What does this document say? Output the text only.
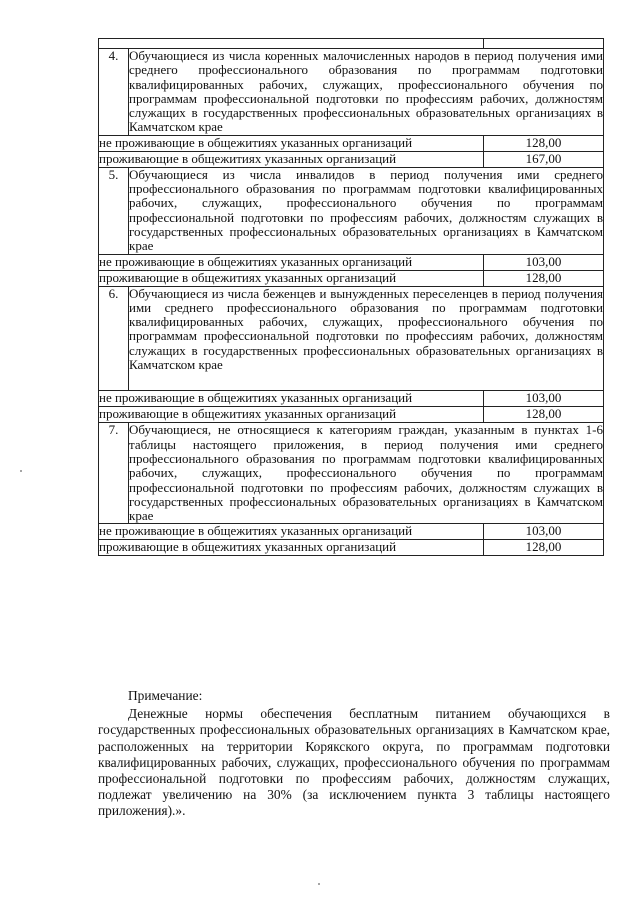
4.	Обучающиеся из числа коренных малочисленных народов в период получения ими среднего профессионального образования по программам подготовки квалифицированных рабочих, служащих, профессионального обучения по программам профессиональной подготовки по профессиям рабочих, должностям служащих в государственных профессиональных образовательных организациях в Камчатском крае	
не проживающие в общежитиях указанных организаций		128,00
проживающие в общежитиях указанных организаций		167,00
5.	Обучающиеся из числа инвалидов в период получения ими среднего профессионального образования по программам подготовки квалифицированных рабочих, служащих, профессионального обучения по программам профессиональной подготовки по профессиям рабочих, должностям служащих в государственных профессиональных образовательных организациях в Камчатском крае	
не проживающие в общежитиях указанных организаций		103,00
проживающие в общежитиях указанных организаций		128,00
6.	Обучающиеся из числа беженцев и вынужденных переселенцев в период получения ими среднего профессионального образования по программам подготовки квалифицированных рабочих, служащих, профессионального обучения по программам профессиональной подготовки по профессиям рабочих, должностям служащих в государственных профессиональных образовательных организациях в Камчатском крае	
не проживающие в общежитиях указанных организаций		103,00
проживающие в общежитиях указанных организаций		128,00
7.	Обучающиеся, не относящиеся к категориям граждан, указанным в пунктах 1-6 таблицы настоящего приложения, в период получения ими среднего профессионального образования по программам подготовки квалифицированных рабочих, служащих, профессионального обучения по программам профессиональной подготовки по профессиям рабочих, должностям служащих в государственных профессиональных образовательных организациях в Камчатском крае	
не проживающие в общежитиях указанных организаций		103,00
проживающие в общежитиях указанных организаций		128,00

Примечание:

Денежные нормы обеспечения бесплатным питанием обучающихся в государственных профессиональных образовательных организациях в Камчатском крае, расположенных на территории Корякского округа, по программам подготовки квалифицированных рабочих, служащих, профессионального обучения по программам профессиональной подготовки по профессиям рабочих, должностям служащих, подлежат увеличению на 30% (за исключением пункта 3 таблицы настоящего приложения).».
